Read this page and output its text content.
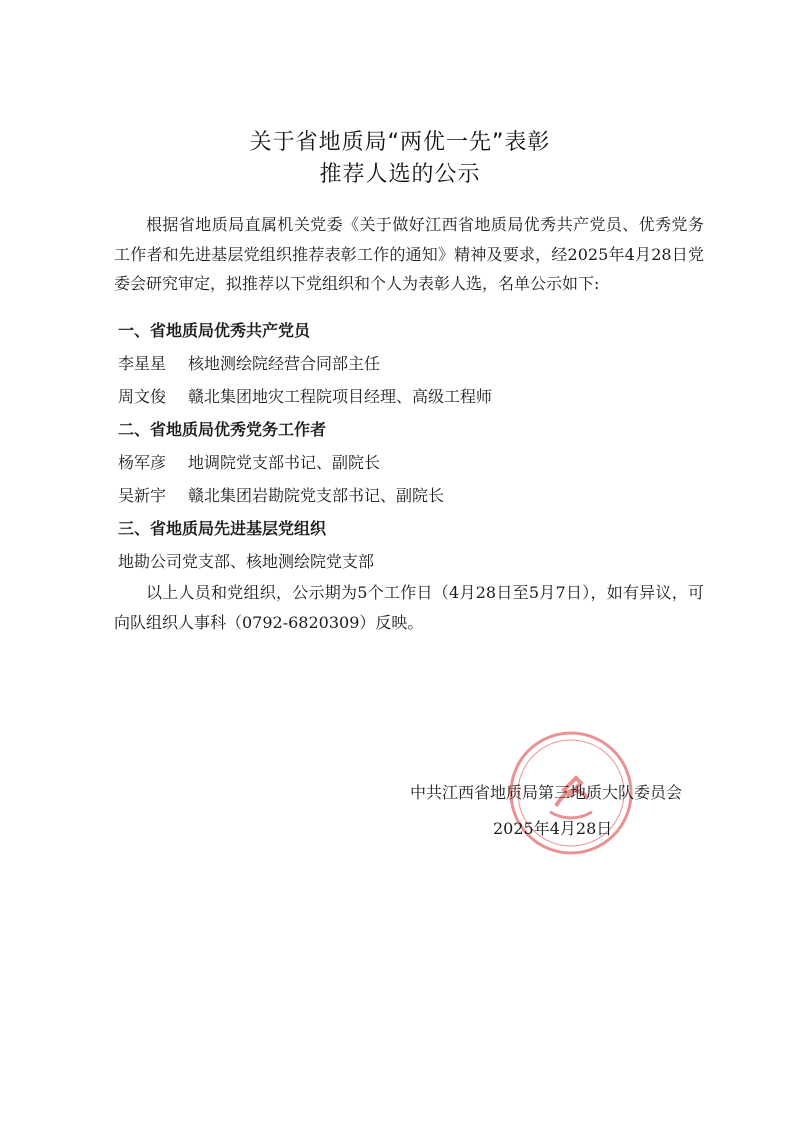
关于省地质局“两优一先”表彰
推荐人选的公示
根据省地质局直属机关党委《关于做好江西省地质局优秀共产党员、优秀党务工作者和先进基层党组织推荐表彰工作的通知》精神及要求，经2025年4月28日党委会研究审定，拟推荐以下党组织和个人为表彰人选，名单公示如下:
一、省地质局优秀共产党员
李星星 核地测绘院经营合同部主任
周文俊 赣北集团地灾工程院项目经理、高级工程师
二、省地质局优秀党务工作者
杨军彦 地调院党支部书记、副院长
吴新宇 赣北集团岩勘院党支部书记、副院长
三、省地质局先进基层党组织
地勘公司党支部、核地测绘院党支部
以上人员和党组织，公示期为5个工作日（4月28日至5月7日），如有异议，可向队组织人事科（0792-6820309）反映。
中共江西省地质局第三地质大队委员会
2025年4月28日
